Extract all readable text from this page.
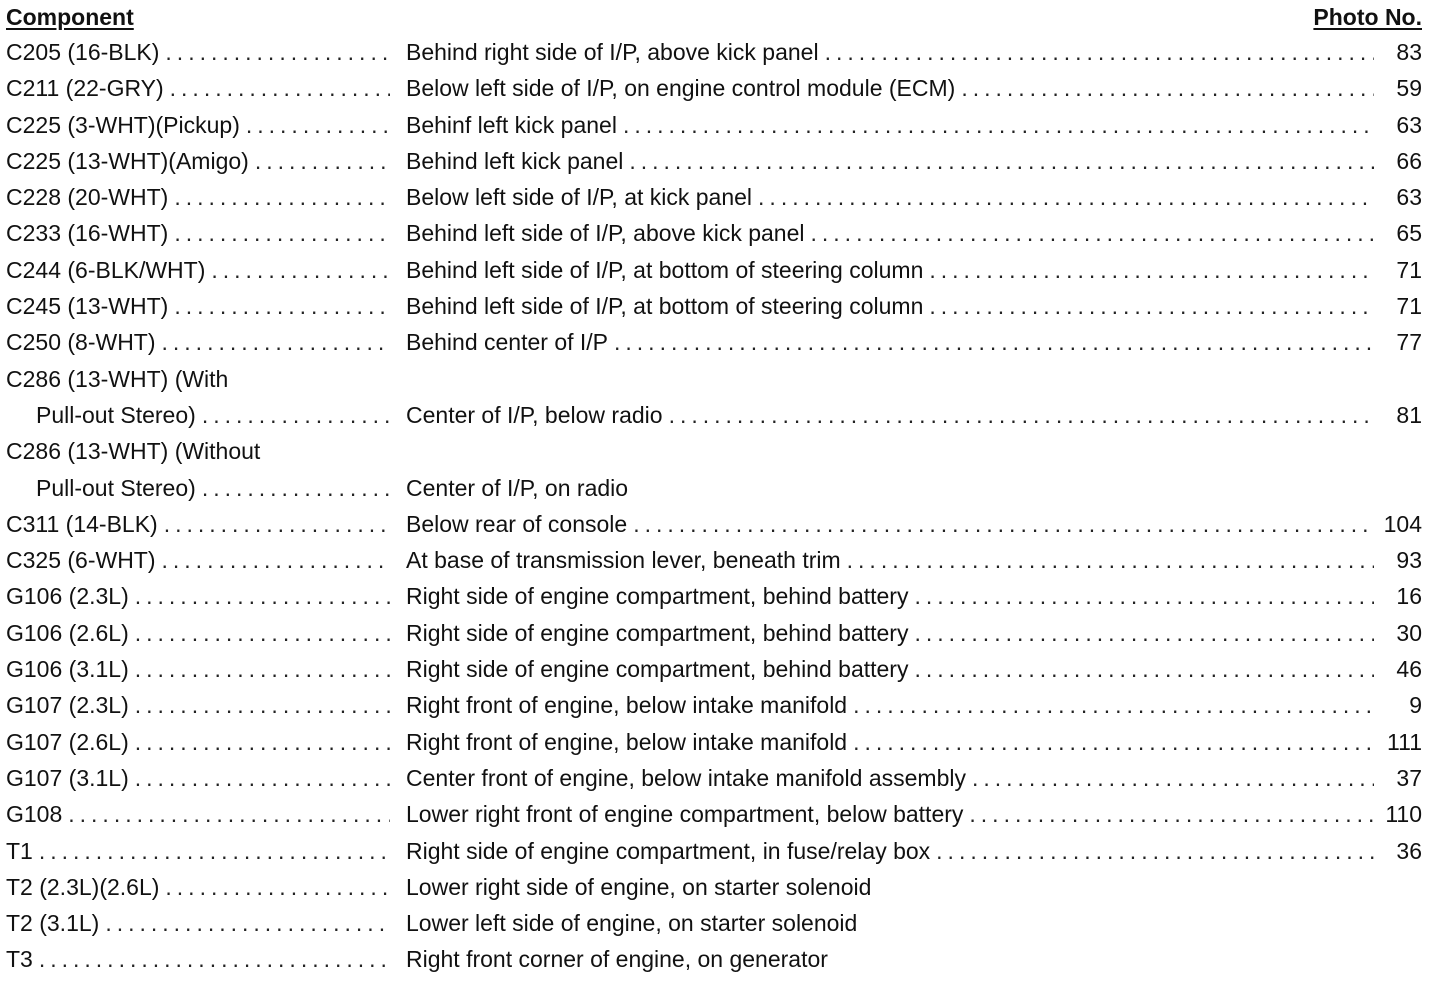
Component	Photo No.
C205 (16-BLK) .....	Behind right side of I/P, above kick panel .....	83
C211 (22-GRY) .....	Below left side of I/P, on engine control module (ECM) .....	59
C225 (3-WHT)(Pickup) .....	Behinf left kick panel .....	63
C225 (13-WHT)(Amigo) .....	Behind left kick panel .....	66
C228 (20-WHT) .....	Below left side of I/P, at kick panel .....	63
C233 (16-WHT) .....	Behind left side of I/P, above kick panel .....	65
C244 (6-BLK/WHT) .....	Behind left side of I/P, at bottom of steering column .....	71
C245 (13-WHT) .....	Behind left side of I/P, at bottom of steering column .....	71
C250 (8-WHT) .....	Behind center of I/P .....	77
C286 (13-WHT) (With
Pull-out Stereo) .....	Center of I/P, below radio .....	81
C286 (13-WHT) (Without
Pull-out Stereo) .....	Center of I/P, on radio
C311 (14-BLK) .....	Below rear of console .....	104
C325 (6-WHT) .....	At base of transmission lever, beneath trim .....	93
G106 (2.3L) .....	Right side of engine compartment, behind battery .....	16
G106 (2.6L) .....	Right side of engine compartment, behind battery .....	30
G106 (3.1L) .....	Right side of engine compartment, behind battery .....	46
G107 (2.3L) .....	Right front of engine, below intake manifold .....	9
G107 (2.6L) .....	Right front of engine, below intake manifold .....	111
G107 (3.1L) .....	Center front of engine, below intake manifold assembly .....	37
G108 .....	Lower right front of engine compartment, below battery .....	110
T1 .....	Right side of engine compartment, in fuse/relay box .....	36
T2 (2.3L)(2.6L) .....	Lower right side of engine, on starter solenoid
T2 (3.1L) .....	Lower left side of engine, on starter solenoid
T3 .....	Right front corner of engine, on generator
